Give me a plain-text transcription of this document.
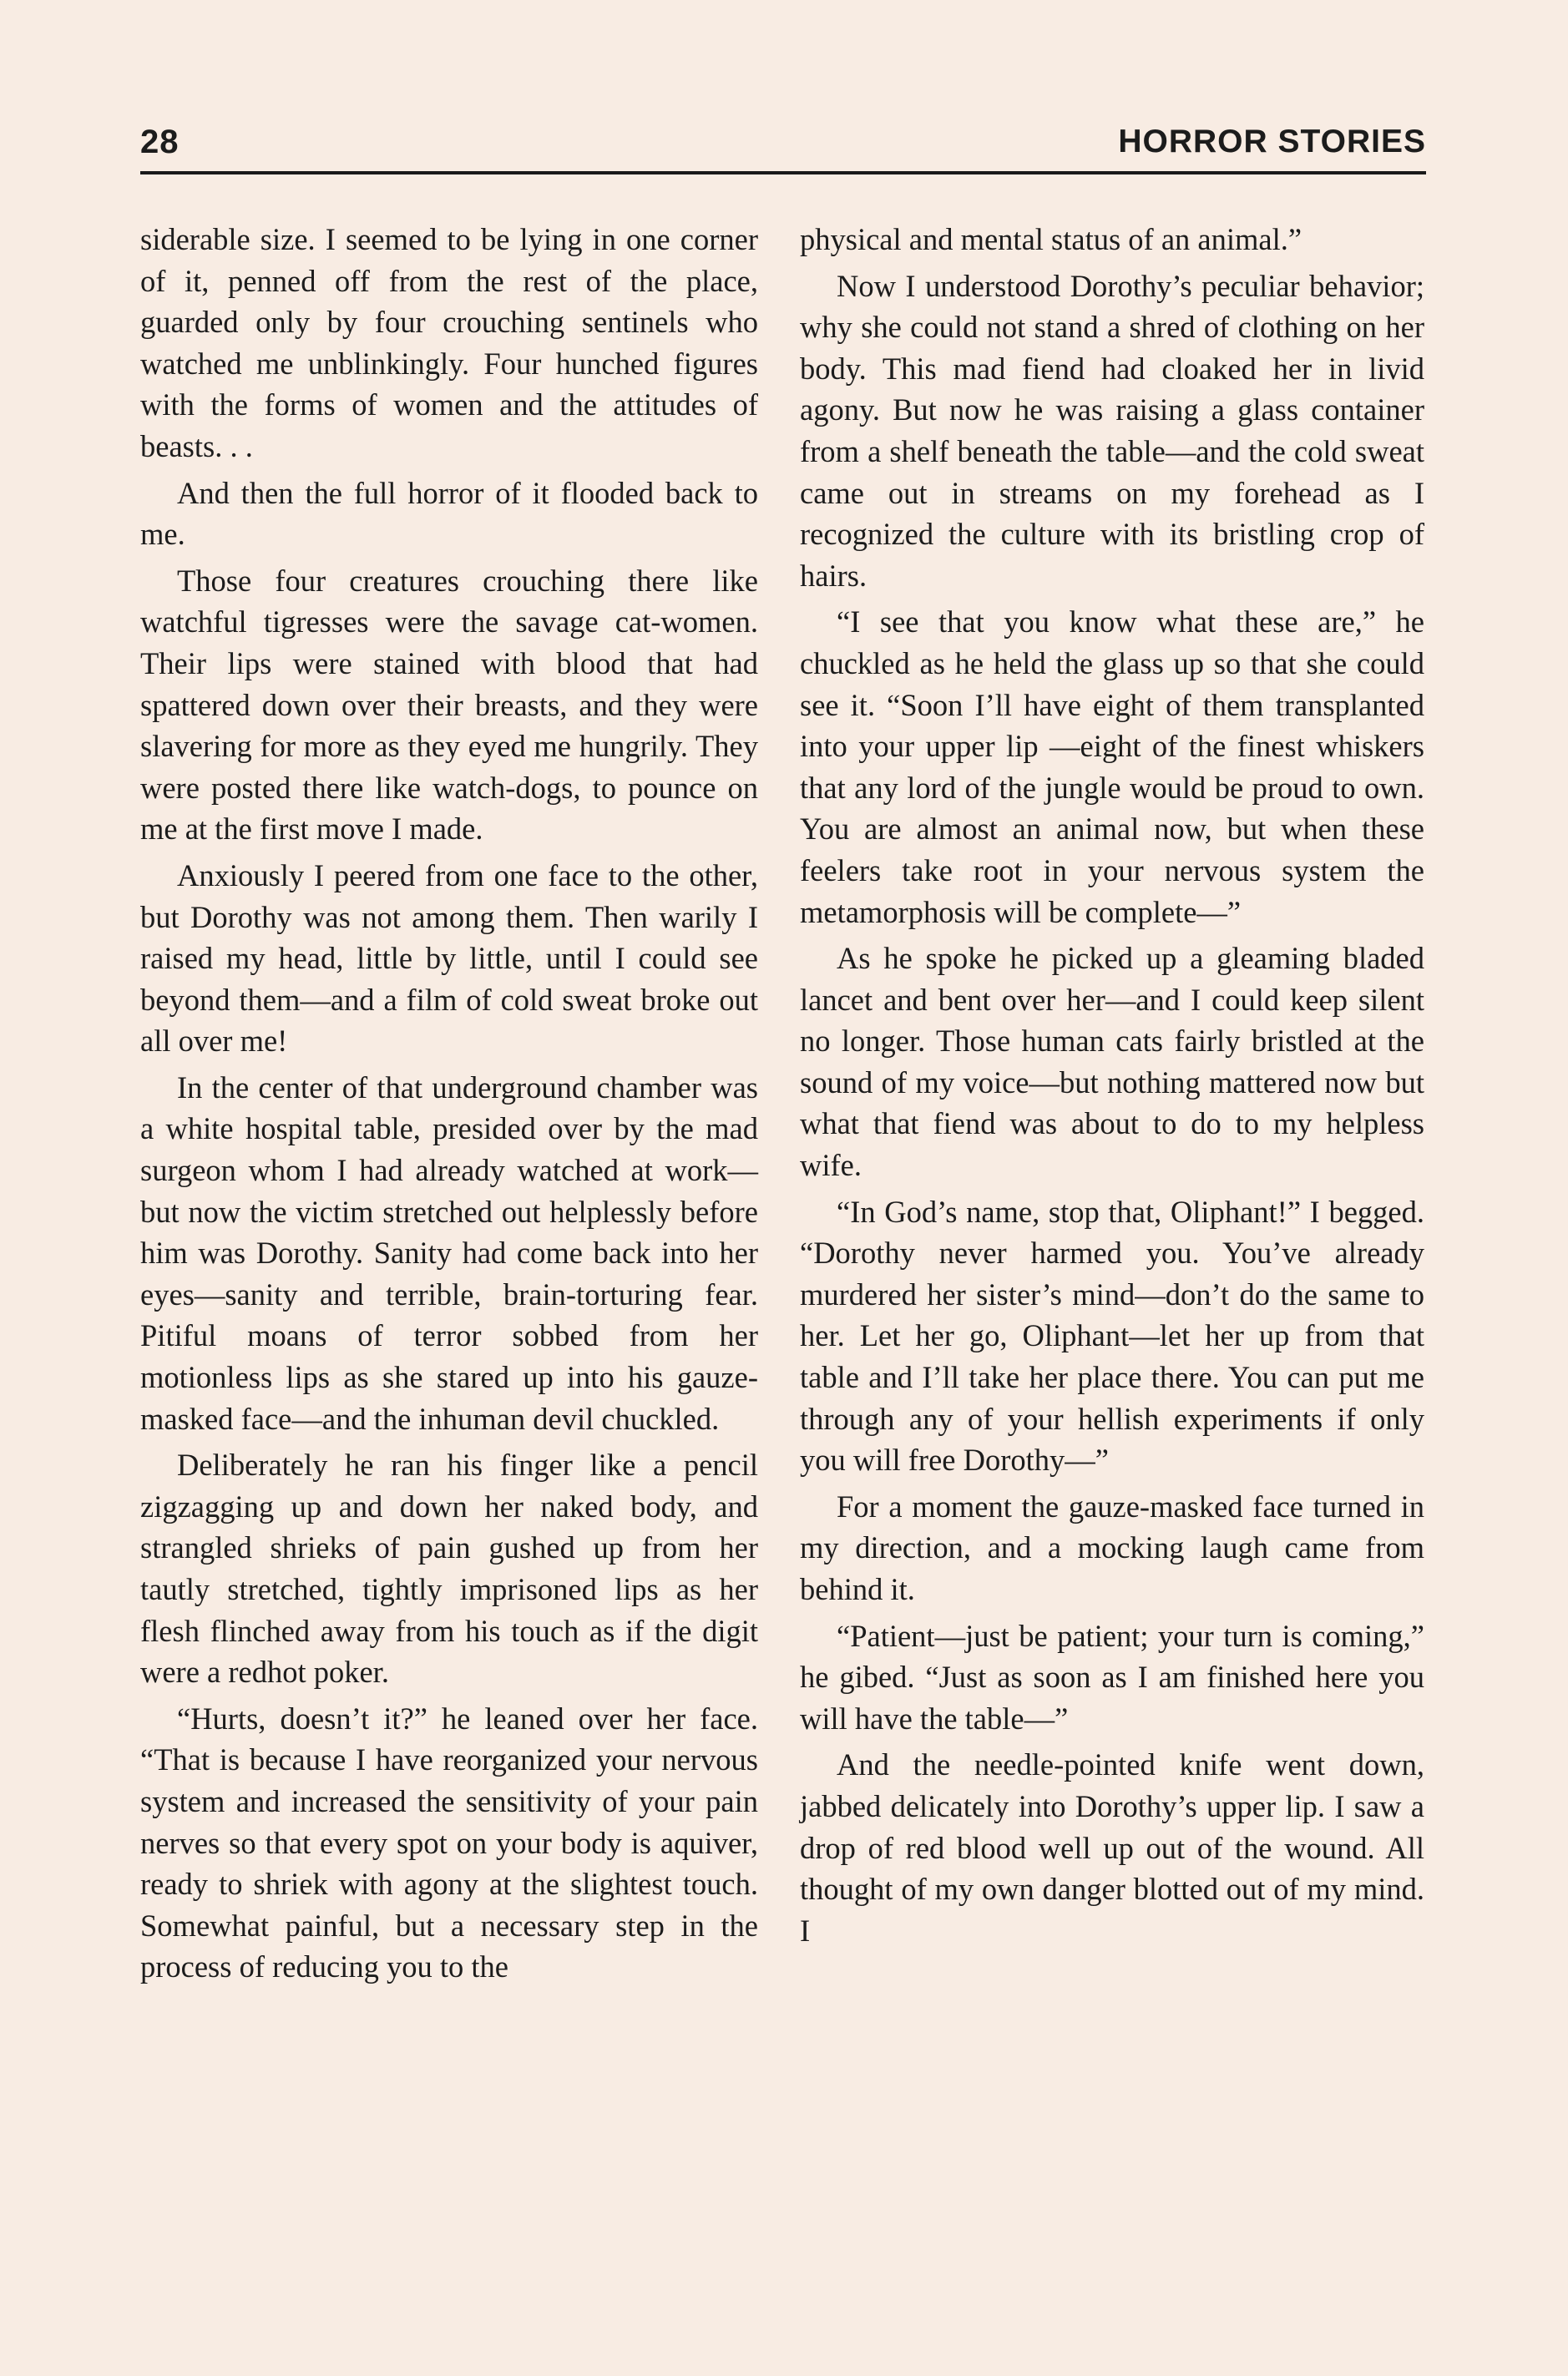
28	HORROR STORIES

siderable size. I seemed to be lying in one corner of it, penned off from the rest of the place, guarded only by four crouching sentinels who watched me unblinkingly. Four hunched figures with the forms of women and the attitudes of beasts. . .

And then the full horror of it flooded back to me.

Those four creatures crouching there like watchful tigresses were the savage cat-women. Their lips were stained with blood that had spattered down over their breasts, and they were slavering for more as they eyed me hungrily. They were posted there like watch-dogs, to pounce on me at the first move I made.

Anxiously I peered from one face to the other, but Dorothy was not among them. Then warily I raised my head, little by little, until I could see beyond them—and a film of cold sweat broke out all over me!

In the center of that underground chamber was a white hospital table, presided over by the mad surgeon whom I had already watched at work—but now the victim stretched out helplessly before him was Dorothy. Sanity had come back into her eyes—sanity and terrible, brain-torturing fear. Pitiful moans of terror sobbed from her motionless lips as she stared up into his gauze-masked face—and the inhuman devil chuckled.

Deliberately he ran his finger like a pencil zigzagging up and down her naked body, and strangled shrieks of pain gushed up from her tautly stretched, tightly imprisoned lips as her flesh flinched away from his touch as if the digit were a redhot poker.

“Hurts, doesn’t it?” he leaned over her face. “That is because I have reorganized your nervous system and increased the sensitivity of your pain nerves so that every spot on your body is aquiver, ready to shriek with agony at the slightest touch. Somewhat painful, but a necessary step in the process of reducing you to the

physical and mental status of an animal.”

Now I understood Dorothy’s peculiar behavior; why she could not stand a shred of clothing on her body. This mad fiend had cloaked her in livid agony. But now he was raising a glass container from a shelf beneath the table—and the cold sweat came out in streams on my forehead as I recognized the culture with its bristling crop of hairs.

“I see that you know what these are,” he chuckled as he held the glass up so that she could see it. “Soon I’ll have eight of them transplanted into your upper lip —eight of the finest whiskers that any lord of the jungle would be proud to own. You are almost an animal now, but when these feelers take root in your nervous system the metamorphosis will be complete—”

As he spoke he picked up a gleaming bladed lancet and bent over her—and I could keep silent no longer. Those human cats fairly bristled at the sound of my voice—but nothing mattered now but what that fiend was about to do to my helpless wife.

“In God’s name, stop that, Oliphant!” I begged. “Dorothy never harmed you. You’ve already murdered her sister’s mind—don’t do the same to her. Let her go, Oliphant—let her up from that table and I’ll take her place there. You can put me through any of your hellish experiments if only you will free Dorothy—”

For a moment the gauze-masked face turned in my direction, and a mocking laugh came from behind it.

“Patient—just be patient; your turn is coming,” he gibed. “Just as soon as I am finished here you will have the table—”

And the needle-pointed knife went down, jabbed delicately into Dorothy’s upper lip. I saw a drop of red blood well up out of the wound. All thought of my own danger blotted out of my mind. I
